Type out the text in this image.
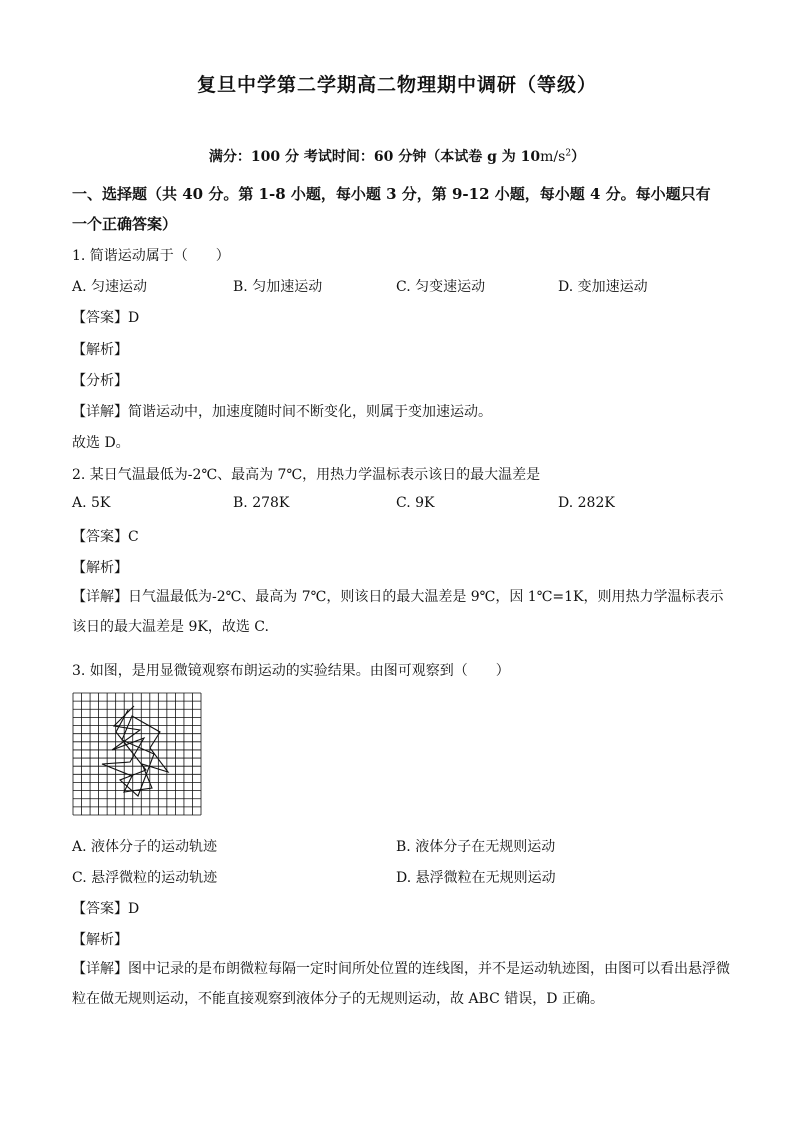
复旦中学第二学期高二物理期中调研（等级）
满分：100 分 考试时间：60 分钟（本试卷 g 为 $10m/s^2$）
一、选择题（共 40 分。第 1-8 小题，每小题 3 分，第 9-12 小题，每小题 4 分。每小题只有
一个正确答案）
1. 简谐运动属于（　　）
A. 匀速运动	B. 匀加速运动	C. 匀变速运动	D. 变加速运动
【答案】D
【解析】
【分析】
【详解】简谐运动中，加速度随时间不断变化，则属于变加速运动。
故选 D。
2. 某日气温最低为-2℃、最高为 7℃，用热力学温标表示该日的最大温差是
A. 5K	B. 278K	C. 9K	D. 282K
【答案】C
【解析】
【详解】日气温最低为-2℃、最高为 7℃，则该日的最大温差是 9℃，因 1℃=1K，则用热力学温标表示该日的最大温差是 9K，故选 C.
3. 如图，是用显微镜观察布朗运动的实验结果。由图可观察到（　　）
A. 液体分子的运动轨迹	B. 液体分子在无规则运动
C. 悬浮微粒的运动轨迹	D. 悬浮微粒在无规则运动
【答案】D
【解析】
【详解】图中记录的是布朗微粒每隔一定时间所处位置的连线图，并不是运动轨迹图，由图可以看出悬浮微粒在做无规则运动，不能直接观察到液体分子的无规则运动，故 ABC 错误，D 正确。
